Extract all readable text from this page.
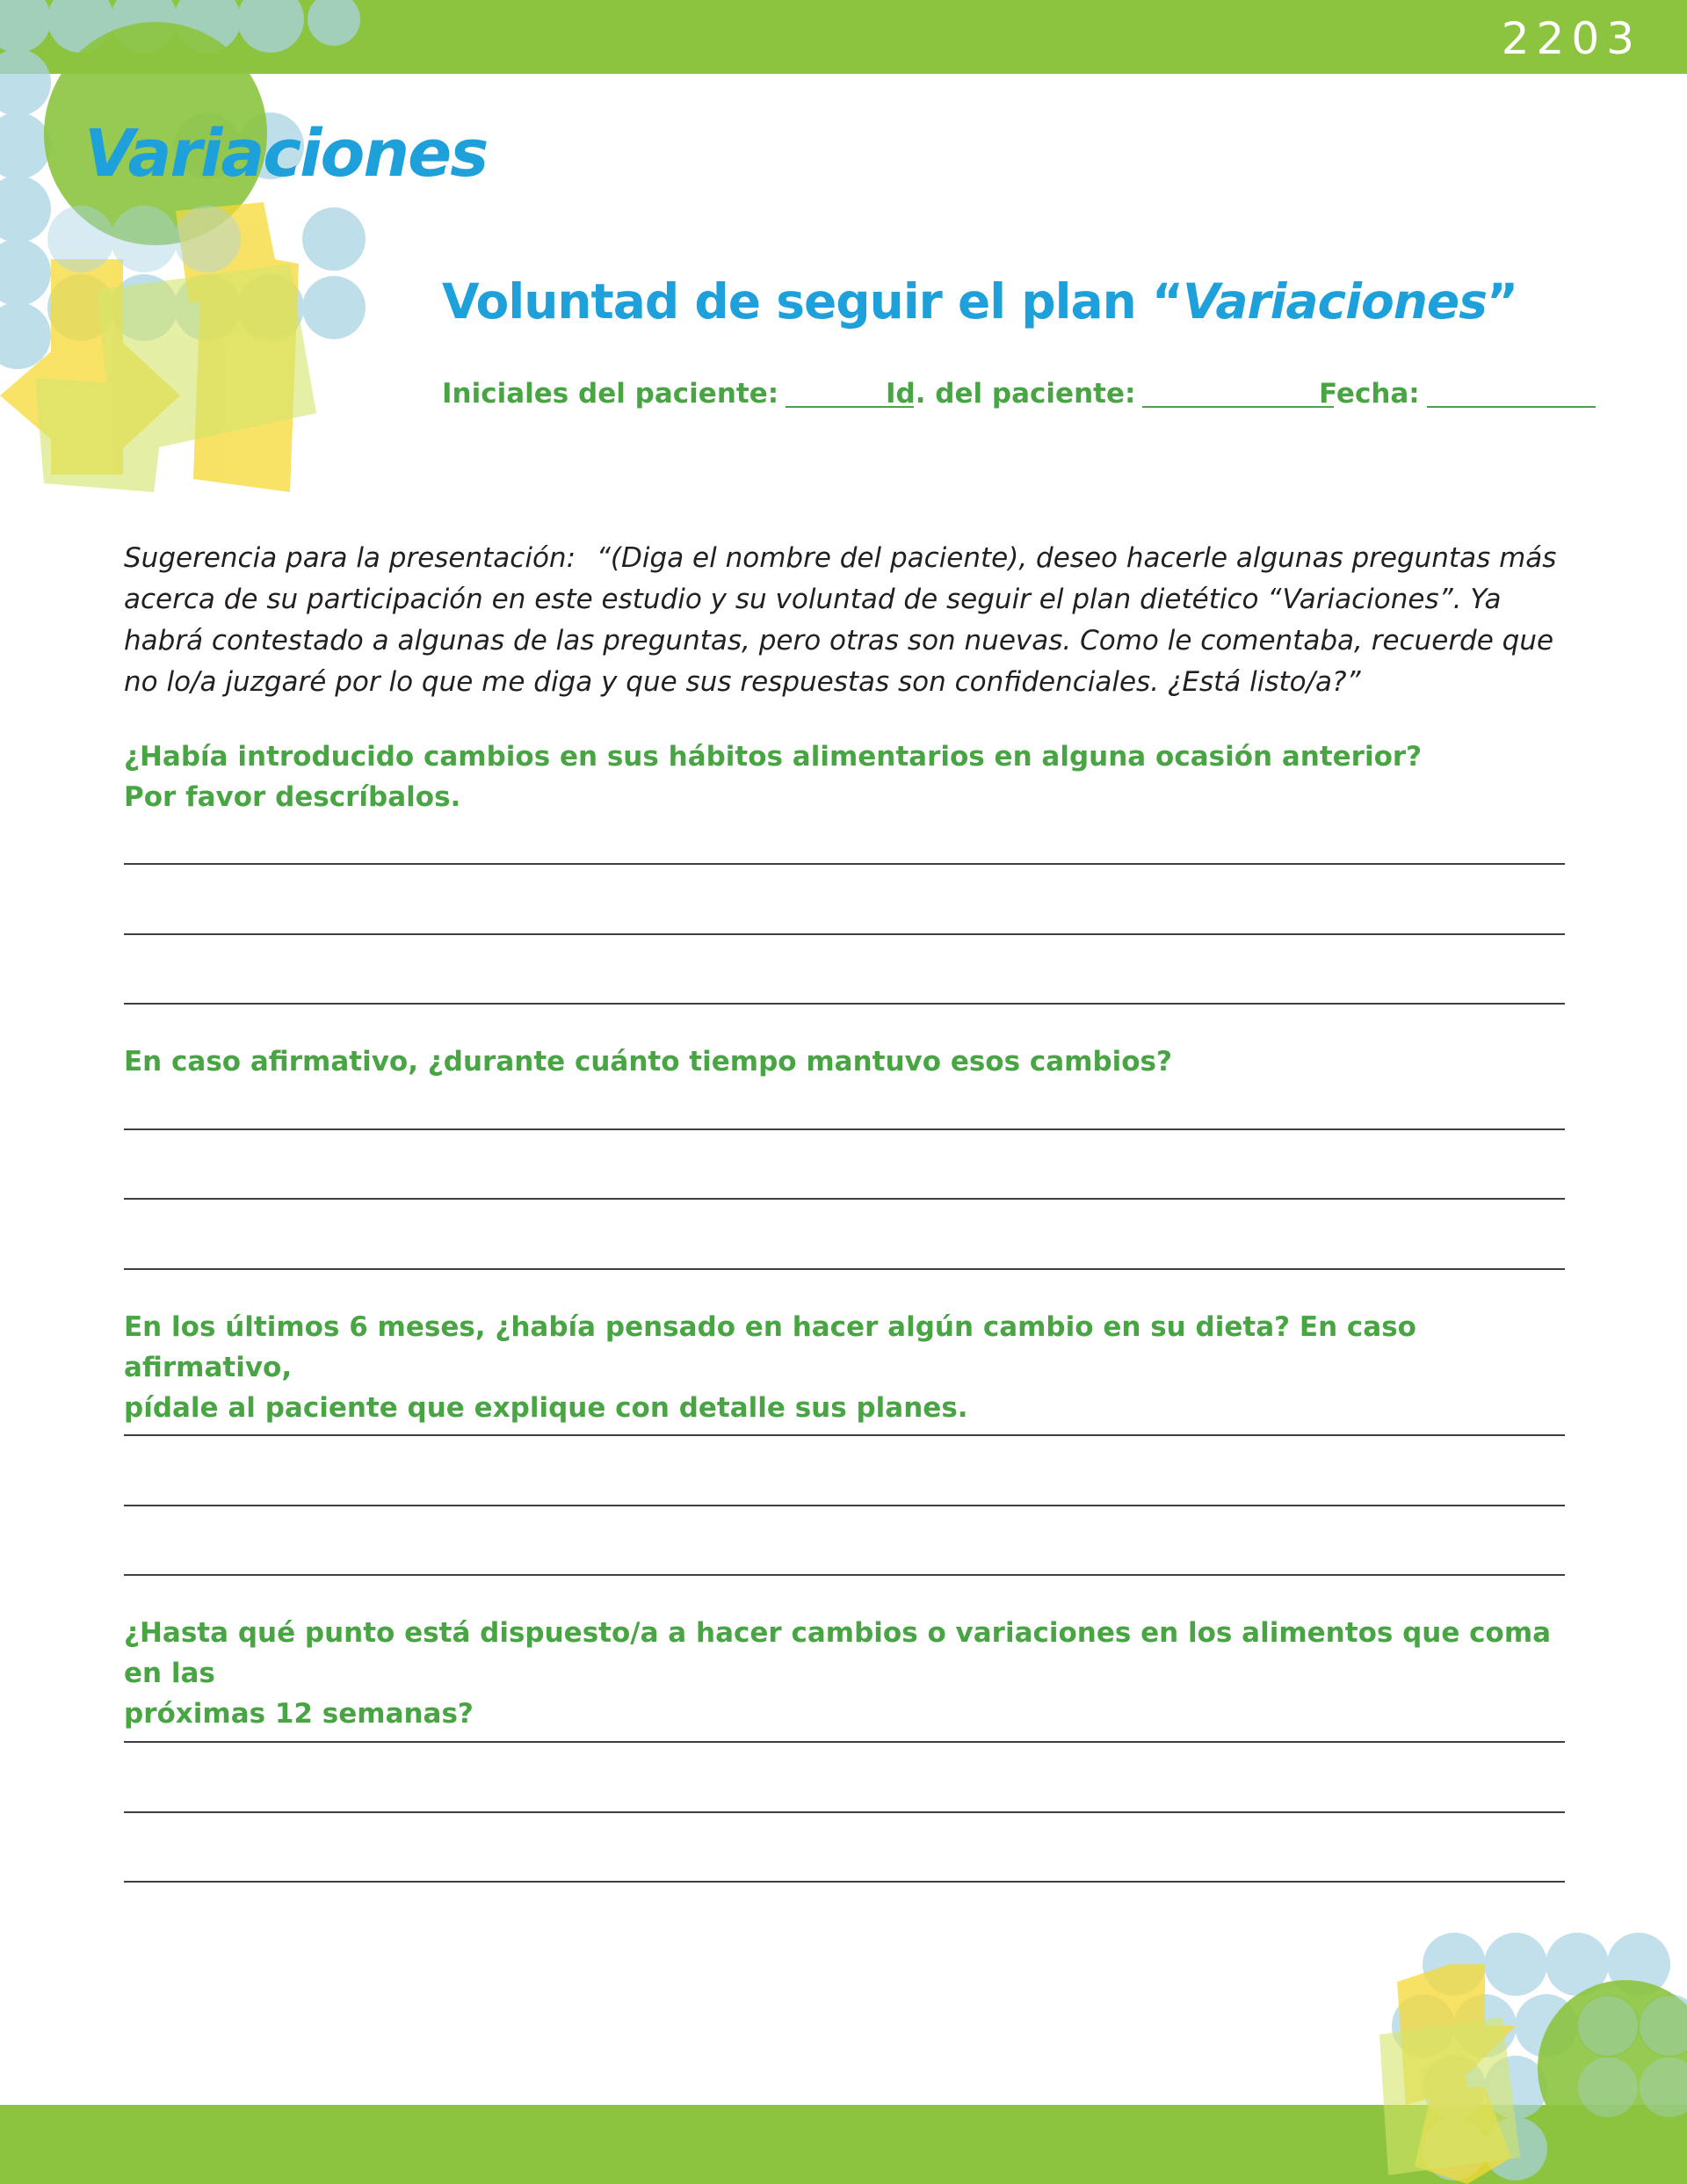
2203
Variaciones
Voluntad de seguir el plan “Variaciones”
Iniciales del paciente:	Id. del paciente:	Fecha:

Sugerencia para la presentación: “(Diga el nombre del paciente), deseo hacerle algunas preguntas más acerca de su participación en este estudio y su voluntad de seguir el plan dietético “Variaciones”. Ya habrá contestado a algunas de las preguntas, pero otras son nuevas. Como le comentaba, recuerde que no lo/a juzgaré por lo que me diga y que sus respuestas son confidenciales. ¿Está listo/a?”

¿Había introducido cambios en sus hábitos alimentarios en alguna ocasión anterior?
Por favor descríbalos.
En caso afirmativo, ¿durante cuánto tiempo mantuvo esos cambios?
En los últimos 6 meses, ¿había pensado en hacer algún cambio en su dieta? En caso afirmativo,
pídale al paciente que explique con detalle sus planes.
¿Hasta qué punto está dispuesto/a a hacer cambios o variaciones en los alimentos que coma en las
próximas 12 semanas?
